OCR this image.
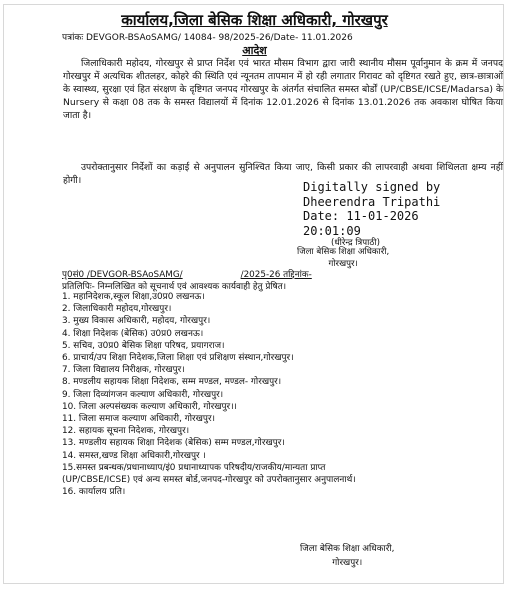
कार्यालय,जिला बेसिक शिक्षा अधिकारी, गोरखपुर
पत्रांकः DEVGOR-BSAoSAMG/ 14084- 98/2025-26/Date- 11.01.2026
आदेश
जिलाधिकारी महोदय, गोरखपुर से प्राप्त निर्देश एवं भारत मौसम विभाग द्वारा जारी स्थानीय मौसम पूर्वानुमान के क्रम में जनपद गोरखपुर में अत्यधिक शीतलहर, कोहरे की स्थिति एवं न्यूनतम तापमान में हो रही लगातार गिरावट को दृष्टिगत रखते हुए, छात्र-छात्राओं के स्वास्थ्य, सुरक्षा एवं हित संरक्षण के दृष्टिगत जनपद गोरखपुर के अंतर्गत संचालित समस्त बोर्डों (UP/CBSE/ICSE/Madarsa) के Nursery से कक्षा 08 तक के समस्त विद्यालयों में दिनांक 12.01.2026 से दिनांक 13.01.2026 तक अवकाश घोषित किया जाता है।
उपरोक्तानुसार निर्देशों का कड़ाई से अनुपालन सुनिश्चित किया जाए, किसी प्रकार की लापरवाही अथवा शिथिलता क्षम्य नहीं होगी।	Digitally signed by
Dheerendra Tripathi
Date: 11-01-2026
20:01:09
(धीरेन्द्र त्रिपाठी)
जिला बेसिक शिक्षा अधिकारी,
गोरखपुर।
पृ0सं0 /DEVGOR-BSAoSAMG/	/2025-26 तद्दिनांक-
प्रतिलिपिः- निम्नलिखित को सूचनार्थ एवं आवश्यक कार्यवाही हेतु प्रेषित।
1. महानिदेशक,स्कूल शिक्षा,उ0प्र0 लखनऊ।
2. जिलाधिकारी महोदय,गोरखपुर।
3. मुख्य विकास अधिकारी, महोदय, गोरखपुर।
4. शिक्षा निदेशक (बेसिक) उ0प्र0 लखनऊ।
5. सचिव, उ0प्र0 बेसिक शिक्षा परिषद, प्रयागराज।
6. प्राचार्य/उप शिक्षा निदेशक,जिला शिक्षा एवं प्रशिक्षण संस्थान,गोरखपुर।
7. जिला विद्यालय निरीक्षक, गोरखपुर।
8. मण्डलीय सहायक शिक्षा निदेशक, सम्म मण्डल, मण्डल- गोरखपुर।
9. जिला दिव्यांगजन कल्याण अधिकारी, गोरखपुर।
10. जिला अल्पसंख्यक कल्याण अधिकारी, गोरखपुर।।
11. जिला समाज कल्याण अधिकारी, गोरखपुर।
12. सहायक सूचना निदेशक, गोरखपुर।
13. मण्डलीय सहायक शिक्षा निदेशक (बेसिक) सम्म मण्डल,गोरखपुर।
14. समस्त,खण्ड शिक्षा अधिकारी,गोरखपुर ।
15.समस्त प्रबन्धक/प्रधानाध्याप/इं0 प्रधानाध्यापक परिषदीय/राजकीय/मान्यता प्राप्त
(UP/CBSE/ICSE) एवं अन्य समस्त बोर्ड,जनपद-गोरखपुर को उपरोक्तानुसार अनुपालनार्थ।
16. कार्यालय प्रति।
जिला बेसिक शिक्षा अधिकारी,
गोरखपुर।
